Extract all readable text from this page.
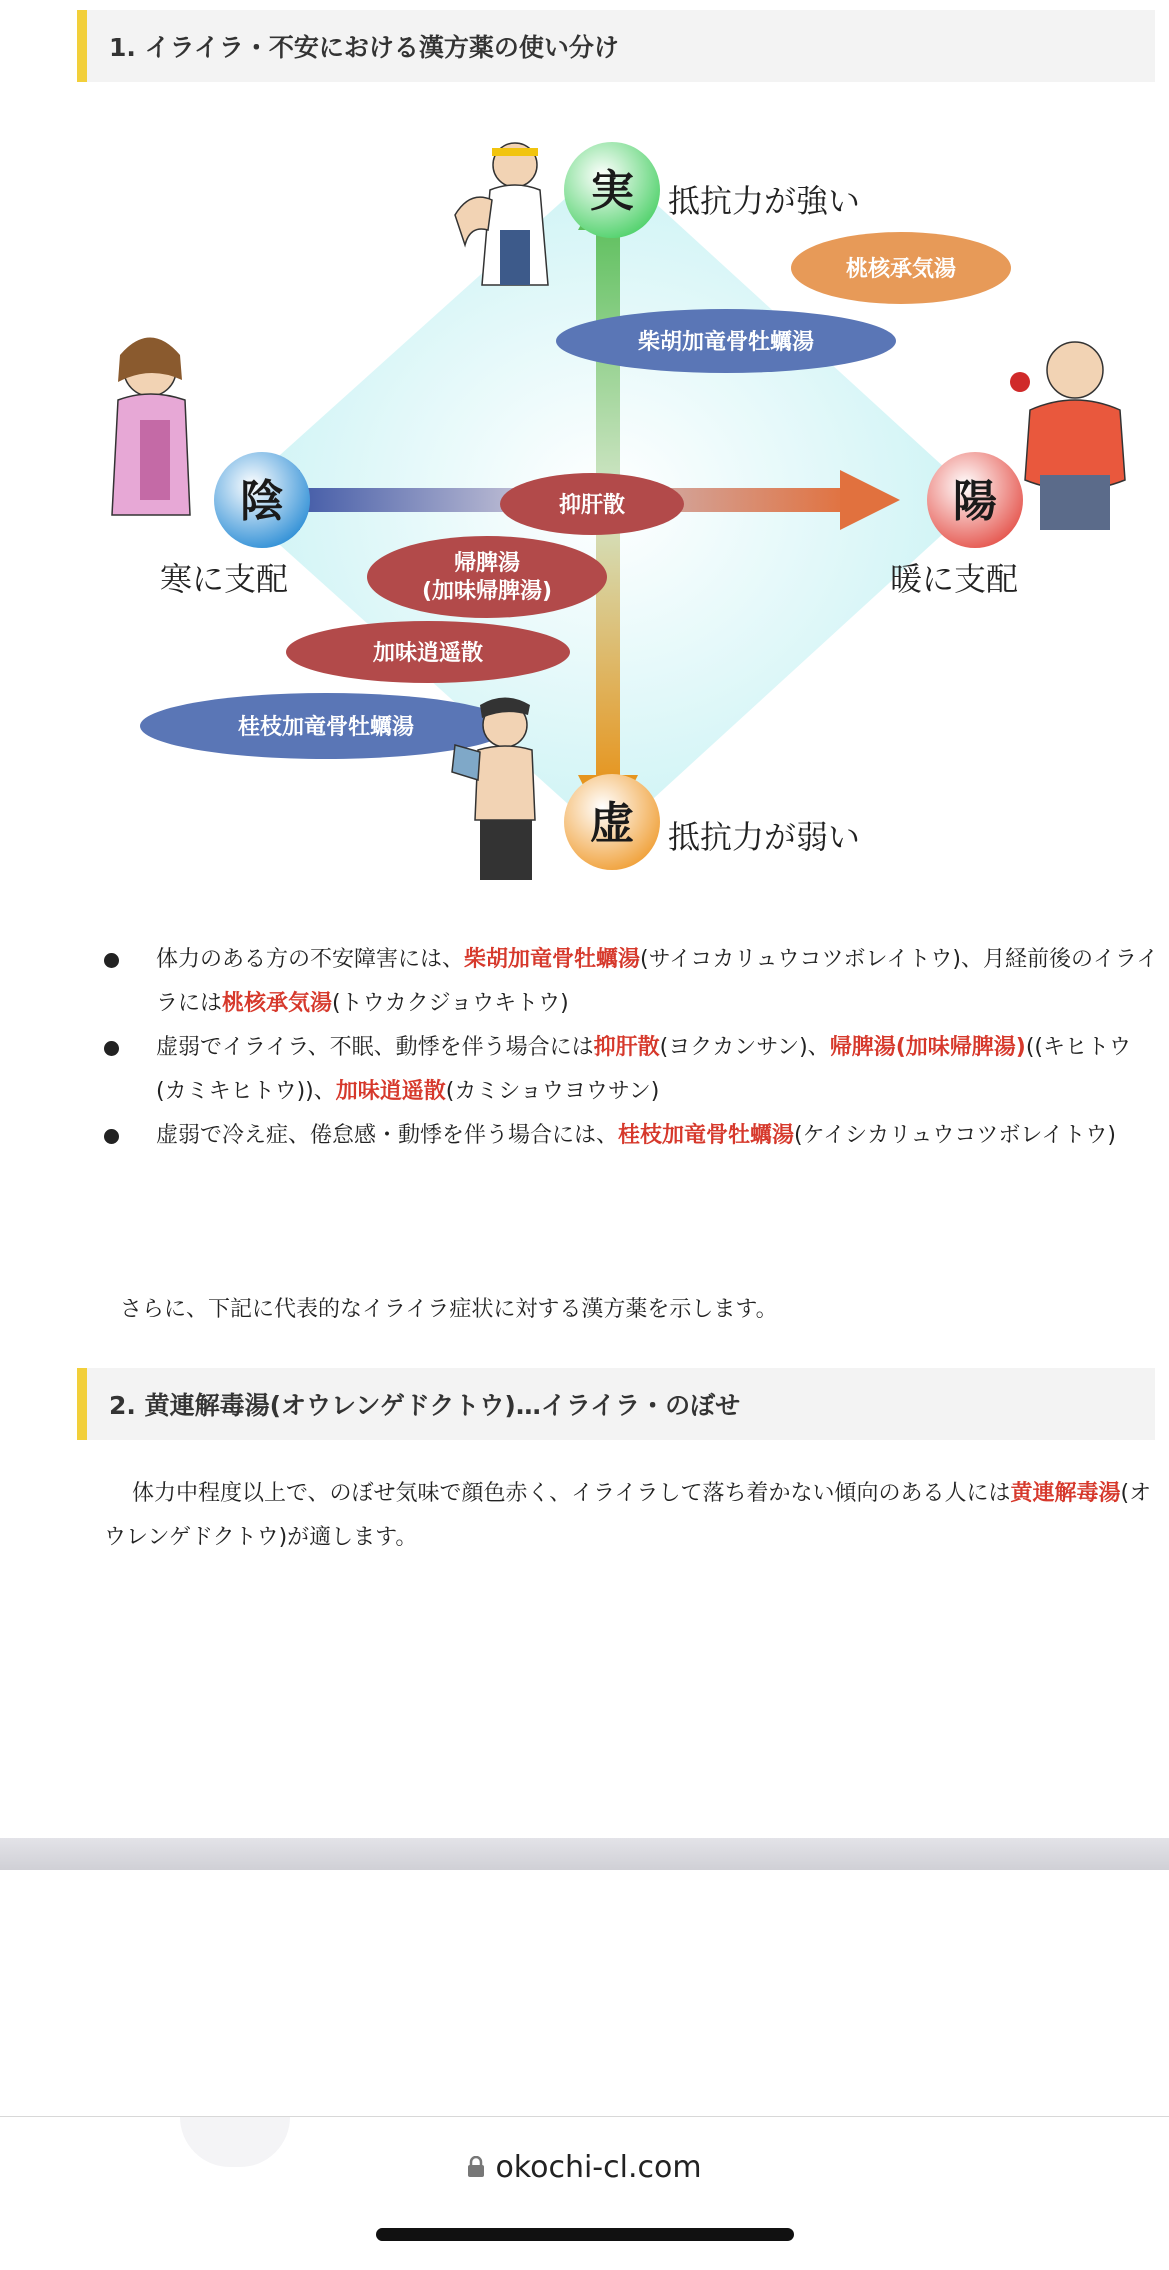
1. イライラ・不安における漢方薬の使い分け
実
虚
陰	陽
抵抗力が強い
抵抗力が弱い
寒に支配	暖に支配
桃核承気湯
柴胡加竜骨牡蠣湯
抑肝散
帰脾湯
(加味帰脾湯)
加味逍遥散
桂枝加竜骨牡蠣湯
体力のある方の不安障害には、柴胡加竜骨牡蠣湯(サイコカリュウコツボレイトウ)、月経前後のイライラには桃核承気湯(トウカクジョウキトウ)
虚弱でイライラ、不眠、動悸を伴う場合には抑肝散(ヨクカンサン)、帰脾湯(加味帰脾湯)((キヒトウ(カミキヒトウ))、加味逍遥散(カミショウヨウサン)
虚弱で冷え症、倦怠感・動悸を伴う場合には、桂枝加竜骨牡蠣湯(ケイシカリュウコツボレイトウ)
さらに、下記に代表的なイライラ症状に対する漢方薬を示します。
2. 黄連解毒湯(オウレンゲドクトウ)…イライラ・のぼせ
体力中程度以上で、のぼせ気味で顔色赤く、イライラして落ち着かない傾向のある人には黄連解毒湯(オウレンゲドクトウ)が適します。
okochi-cl.com
